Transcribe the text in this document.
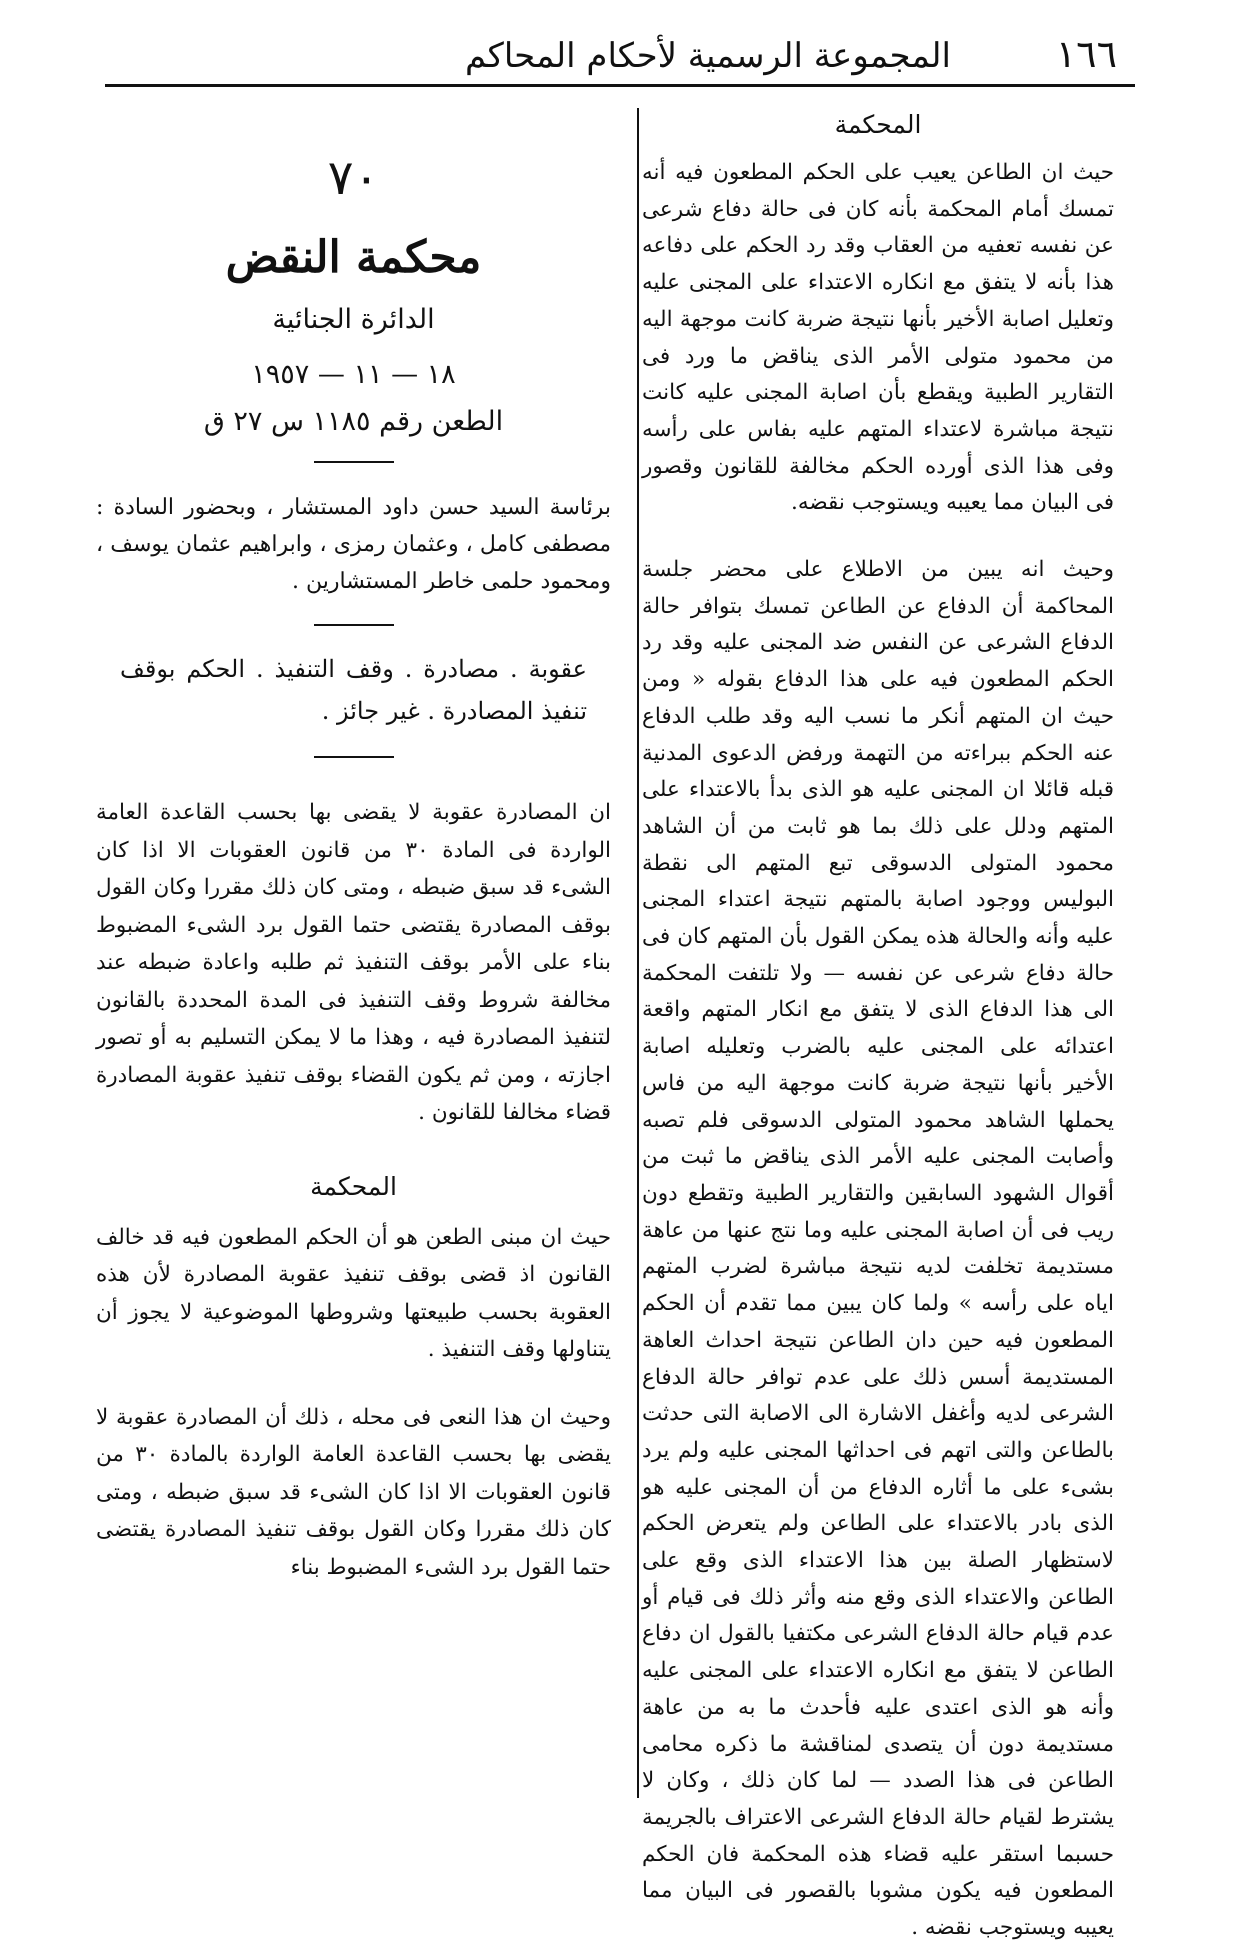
١٦٦
المجموعة الرسمية لأحكام المحاكم

المحكمة

حيث ان الطاعن يعيب على الحكم المطعون فيه أنه تمسك أمام المحكمة بأنه كان فى حالة دفاع شرعى عن نفسه تعفيه من العقاب وقد رد الحكم على دفاعه هذا بأنه لا يتفق مع انكاره الاعتداء على المجنى عليه وتعليل اصابة الأخير بأنها نتيجة ضربة كانت موجهة اليه من محمود متولى الأمر الذى يناقض ما ورد فى التقارير الطبية ويقطع بأن اصابة المجنى عليه كانت نتيجة مباشرة لاعتداء المتهم عليه بفاس على رأسه وفى هذا الذى أورده الحكم مخالفة للقانون وقصور فى البيان مما يعيبه ويستوجب نقضه.

وحيث انه يبين من الاطلاع على محضر جلسة المحاكمة أن الدفاع عن الطاعن تمسك بتوافر حالة الدفاع الشرعى عن النفس ضد المجنى عليه وقد رد الحكم المطعون فيه على هذا الدفاع بقوله « ومن حيث ان المتهم أنكر ما نسب اليه وقد طلب الدفاع عنه الحكم ببراءته من التهمة ورفض الدعوى المدنية قبله قائلا ان المجنى عليه هو الذى بدأ بالاعتداء على المتهم ودلل على ذلك بما هو ثابت من أن الشاهد محمود المتولى الدسوقى تبع المتهم الى نقطة البوليس ووجود اصابة بالمتهم نتيجة اعتداء المجنى عليه وأنه والحالة هذه يمكن القول بأن المتهم كان فى حالة دفاع شرعى عن نفسه — ولا تلتفت المحكمة الى هذا الدفاع الذى لا يتفق مع انكار المتهم واقعة اعتدائه على المجنى عليه بالضرب وتعليله اصابة الأخير بأنها نتيجة ضربة كانت موجهة اليه من فاس يحملها الشاهد محمود المتولى الدسوقى فلم تصبه وأصابت المجنى عليه الأمر الذى يناقض ما ثبت من أقوال الشهود السابقين والتقارير الطبية وتقطع دون ريب فى أن اصابة المجنى عليه وما نتج عنها من عاهة مستديمة تخلفت لديه نتيجة مباشرة لضرب المتهم اياه على رأسه » ولما كان يبين مما تقدم أن الحكم المطعون فيه حين دان الطاعن نتيجة احداث العاهة المستديمة أسس ذلك على عدم توافر حالة الدفاع الشرعى لديه وأغفل الاشارة الى الاصابة التى حدثت بالطاعن والتى اتهم فى احداثها المجنى عليه ولم يرد بشىء على ما أثاره الدفاع من أن المجنى عليه هو الذى بادر بالاعتداء على الطاعن ولم يتعرض الحكم لاستظهار الصلة بين هذا الاعتداء الذى وقع على الطاعن والاعتداء الذى وقع منه وأثر ذلك فى قيام أو عدم قيام حالة الدفاع الشرعى مكتفيا بالقول ان دفاع الطاعن لا يتفق مع انكاره الاعتداء على المجنى عليه وأنه هو الذى اعتدى عليه فأحدث ما به من عاهة مستديمة دون أن يتصدى لمناقشة ما ذكره محامى الطاعن فى هذا الصدد — لما كان ذلك ، وكان لا يشترط لقيام حالة الدفاع الشرعى الاعتراف بالجريمة حسبما استقر عليه قضاء هذه المحكمة فان الحكم المطعون فيه يكون مشوبا بالقصور فى البيان مما يعيبه ويستوجب نقضه .

٧٠

محكمة النقض

الدائرة الجنائية

١٨ — ١١ — ١٩٥٧

الطعن رقم ١١٨٥ س ٢٧ ق

برئاسة السيد حسن داود المستشار ، وبحضور السادة : مصطفى كامل ، وعثمان رمزى ، وابراهيم عثمان يوسف ، ومحمود حلمى خاطر المستشارين .

عقوبة . مصادرة . وقف التنفيذ . الحكم بوقف تنفيذ المصادرة . غير جائز .

ان المصادرة عقوبة لا يقضى بها بحسب القاعدة العامة الواردة فى المادة ٣٠ من قانون العقوبات الا اذا كان الشىء قد سبق ضبطه ، ومتى كان ذلك مقررا وكان القول بوقف المصادرة يقتضى حتما القول برد الشىء المضبوط بناء على الأمر بوقف التنفيذ ثم طلبه واعادة ضبطه عند مخالفة شروط وقف التنفيذ فى المدة المحددة بالقانون لتنفيذ المصادرة فيه ، وهذا ما لا يمكن التسليم به أو تصور اجازته ، ومن ثم يكون القضاء بوقف تنفيذ عقوبة المصادرة قضاء مخالفا للقانون .

المحكمة

حيث ان مبنى الطعن هو أن الحكم المطعون فيه قد خالف القانون اذ قضى بوقف تنفيذ عقوبة المصادرة لأن هذه العقوبة بحسب طبيعتها وشروطها الموضوعية لا يجوز أن يتناولها وقف التنفيذ .

وحيث ان هذا النعى فى محله ، ذلك أن المصادرة عقوبة لا يقضى بها بحسب القاعدة العامة الواردة بالمادة ٣٠ من قانون العقوبات الا اذا كان الشىء قد سبق ضبطه ، ومتى كان ذلك مقررا وكان القول بوقف تنفيذ المصادرة يقتضى حتما القول برد الشىء المضبوط بناء
